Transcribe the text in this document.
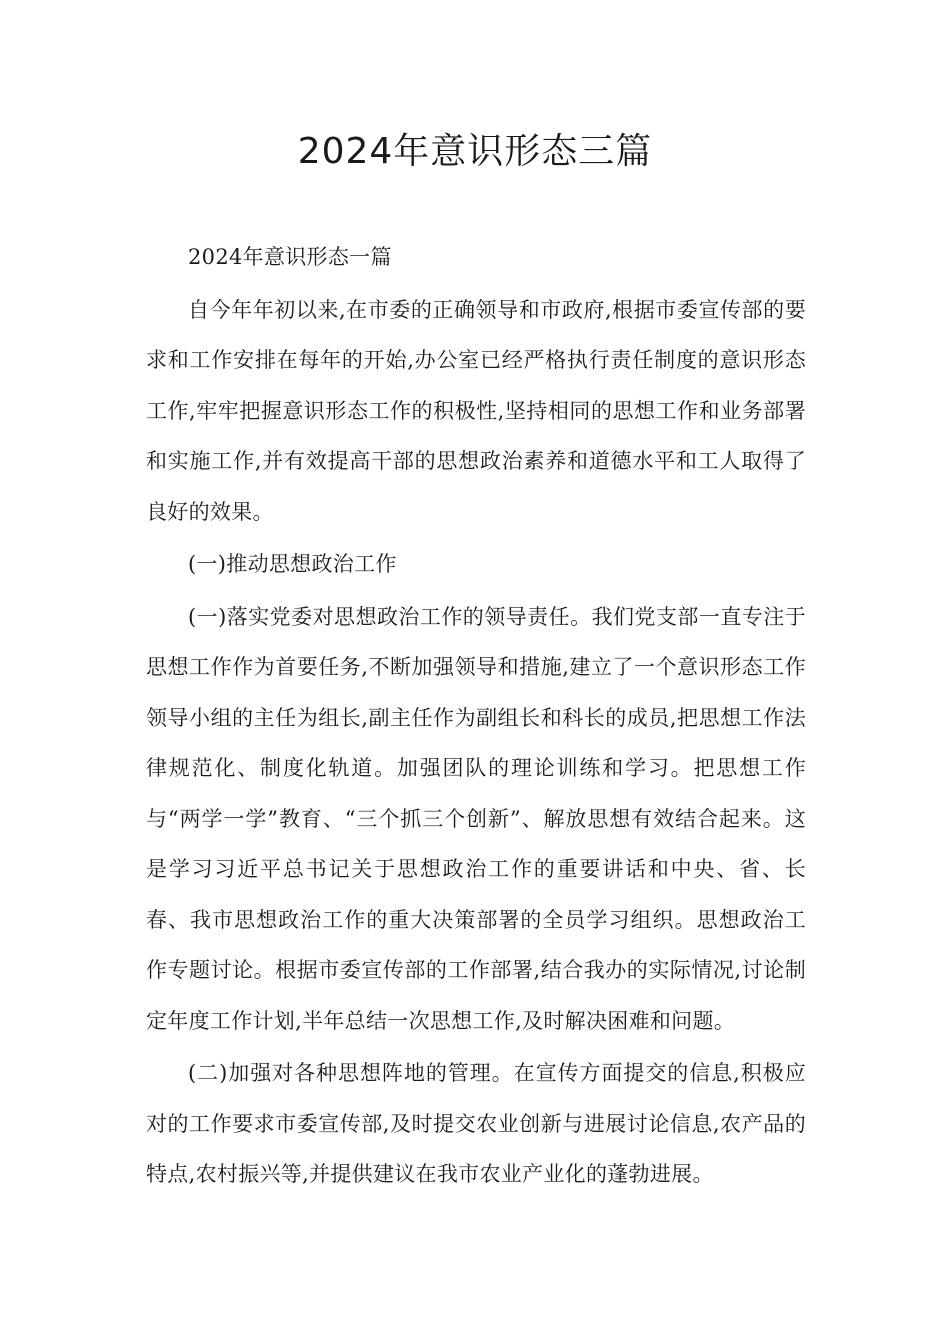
2024年意识形态三篇

2024年意识形态一篇

自今年年初以来,在市委的正确领导和市政府,根据市委宣传部的要求和工作安排在每年的开始,办公室已经严格执行责任制度的意识形态工作,牢牢把握意识形态工作的积极性,坚持相同的思想工作和业务部署和实施工作,并有效提高干部的思想政治素养和道德水平和工人取得了良好的效果。

(一)推动思想政治工作

(一)落实党委对思想政治工作的领导责任。我们党支部一直专注于思想工作作为首要任务,不断加强领导和措施,建立了一个意识形态工作领导小组的主任为组长,副主任作为副组长和科长的成员,把思想工作法律规范化、制度化轨道。加强团队的理论训练和学习。把思想工作与“两学一学”教育、“三个抓三个创新”、解放思想有效结合起来。这是学习习近平总书记关于思想政治工作的重要讲话和中央、省、长春、我市思想政治工作的重大决策部署的全员学习组织。思想政治工作专题讨论。根据市委宣传部的工作部署,结合我办的实际情况,讨论制定年度工作计划,半年总结一次思想工作,及时解决困难和问题。

(二)加强对各种思想阵地的管理。在宣传方面提交的信息,积极应对的工作要求市委宣传部,及时提交农业创新与进展讨论信息,农产品的特点,农村振兴等,并提供建议在我市农业产业化的蓬勃进展。
